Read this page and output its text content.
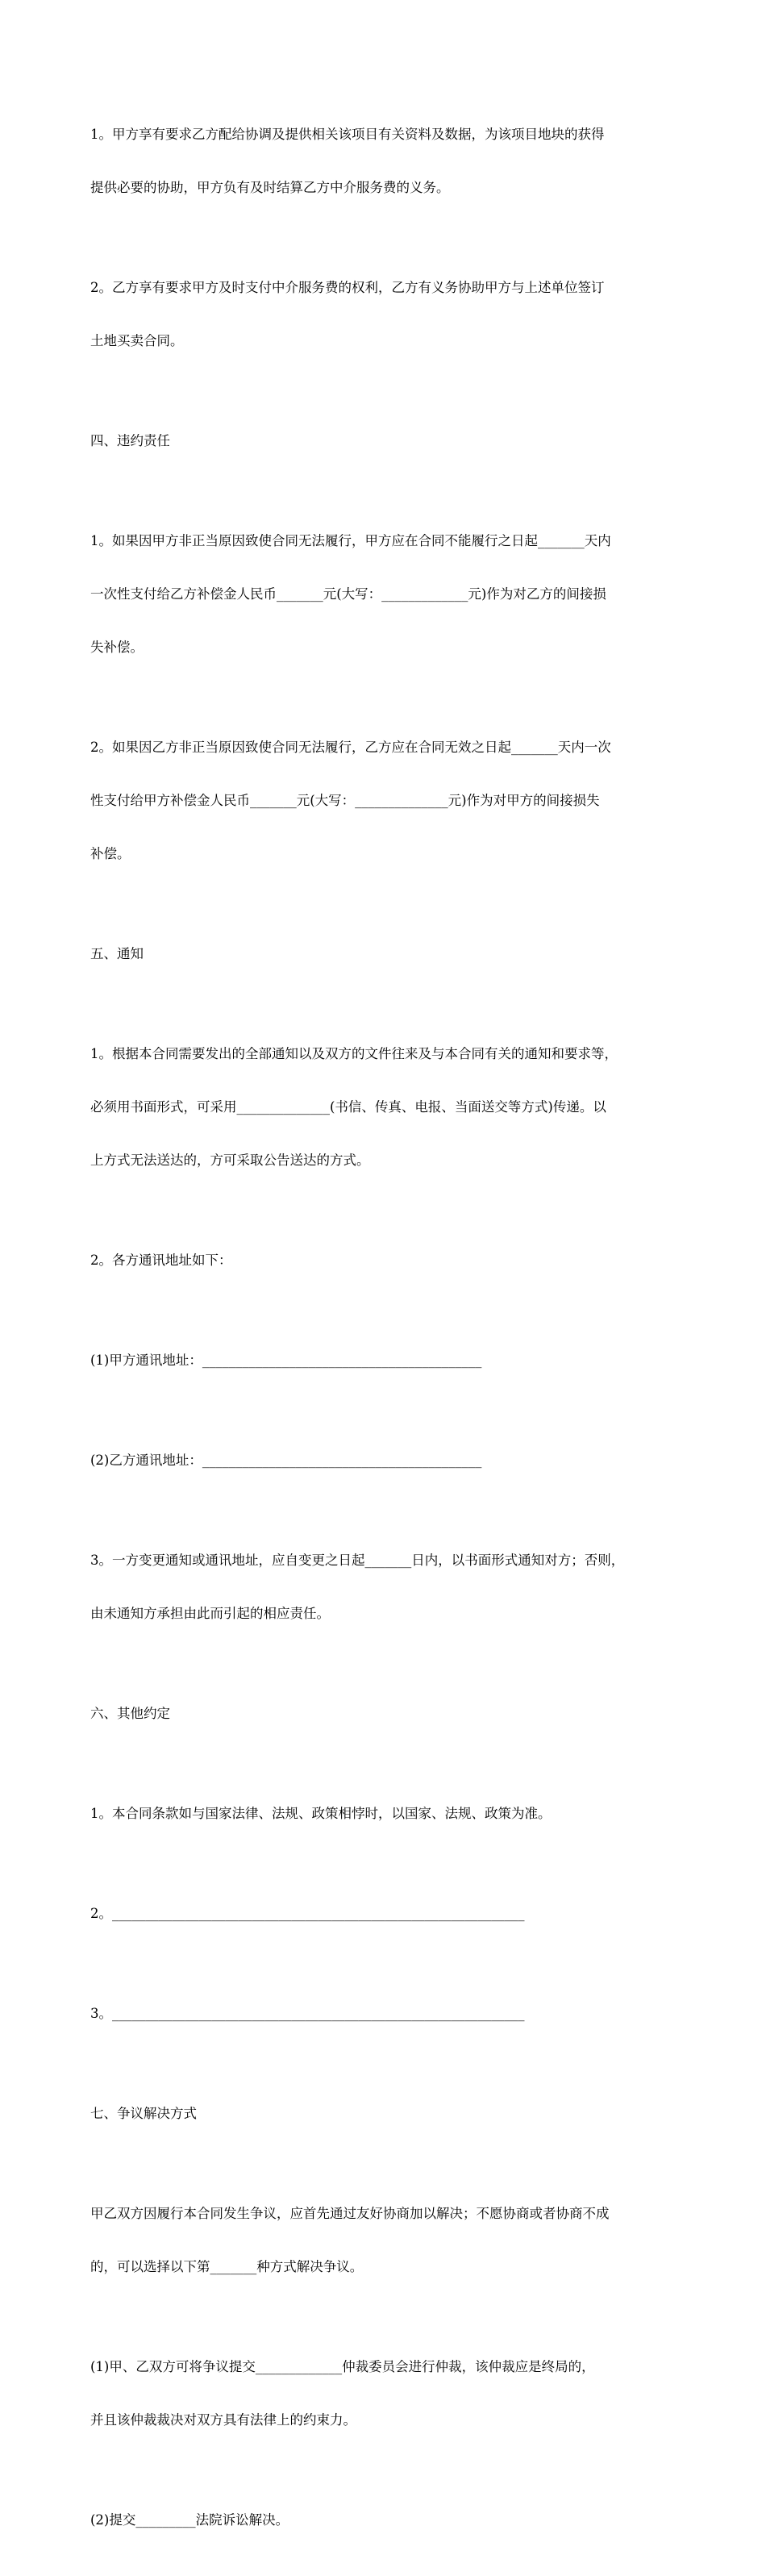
1。甲方享有要求乙方配给协调及提供相关该项目有关资料及数据，为该项目地块的获得

提供必要的协助，甲方负有及时结算乙方中介服务费的义务。

2。乙方享有要求甲方及时支付中介服务费的权利，乙方有义务协助甲方与上述单位签订

土地买卖合同。

四、违约责任

1。如果因甲方非正当原因致使合同无法履行，甲方应在合同不能履行之日起_______天内

一次性支付给乙方补偿金人民币_______元(大写：_____________元)作为对乙方的间接损

失补偿。

2。如果因乙方非正当原因致使合同无法履行，乙方应在合同无效之日起_______天内一次

性支付给甲方补偿金人民币_______元(大写：______________元)作为对甲方的间接损失

补偿。

五、通知

1。根据本合同需要发出的全部通知以及双方的文件往来及与本合同有关的通知和要求等，

必须用书面形式，可采用______________(书信、传真、电报、当面送交等方式)传递。以

上方式无法送达的，方可采取公告送达的方式。

2。各方通讯地址如下：

(1)甲方通讯地址：__________________________________________

(2)乙方通讯地址：__________________________________________

3。一方变更通知或通讯地址，应自变更之日起_______日内，以书面形式通知对方；否则，

由未通知方承担由此而引起的相应责任。

六、其他约定

1。本合同条款如与国家法律、法规、政策相悖时，以国家、法规、政策为准。

2。______________________________________________________________

3。______________________________________________________________

七、争议解决方式

甲乙双方因履行本合同发生争议，应首先通过友好协商加以解决；不愿协商或者协商不成

的，可以选择以下第_______种方式解决争议。

(1)甲、乙双方可将争议提交_____________仲裁委员会进行仲裁，该仲裁应是终局的，

并且该仲裁裁决对双方具有法律上的约束力。

(2)提交_________法院诉讼解决。
